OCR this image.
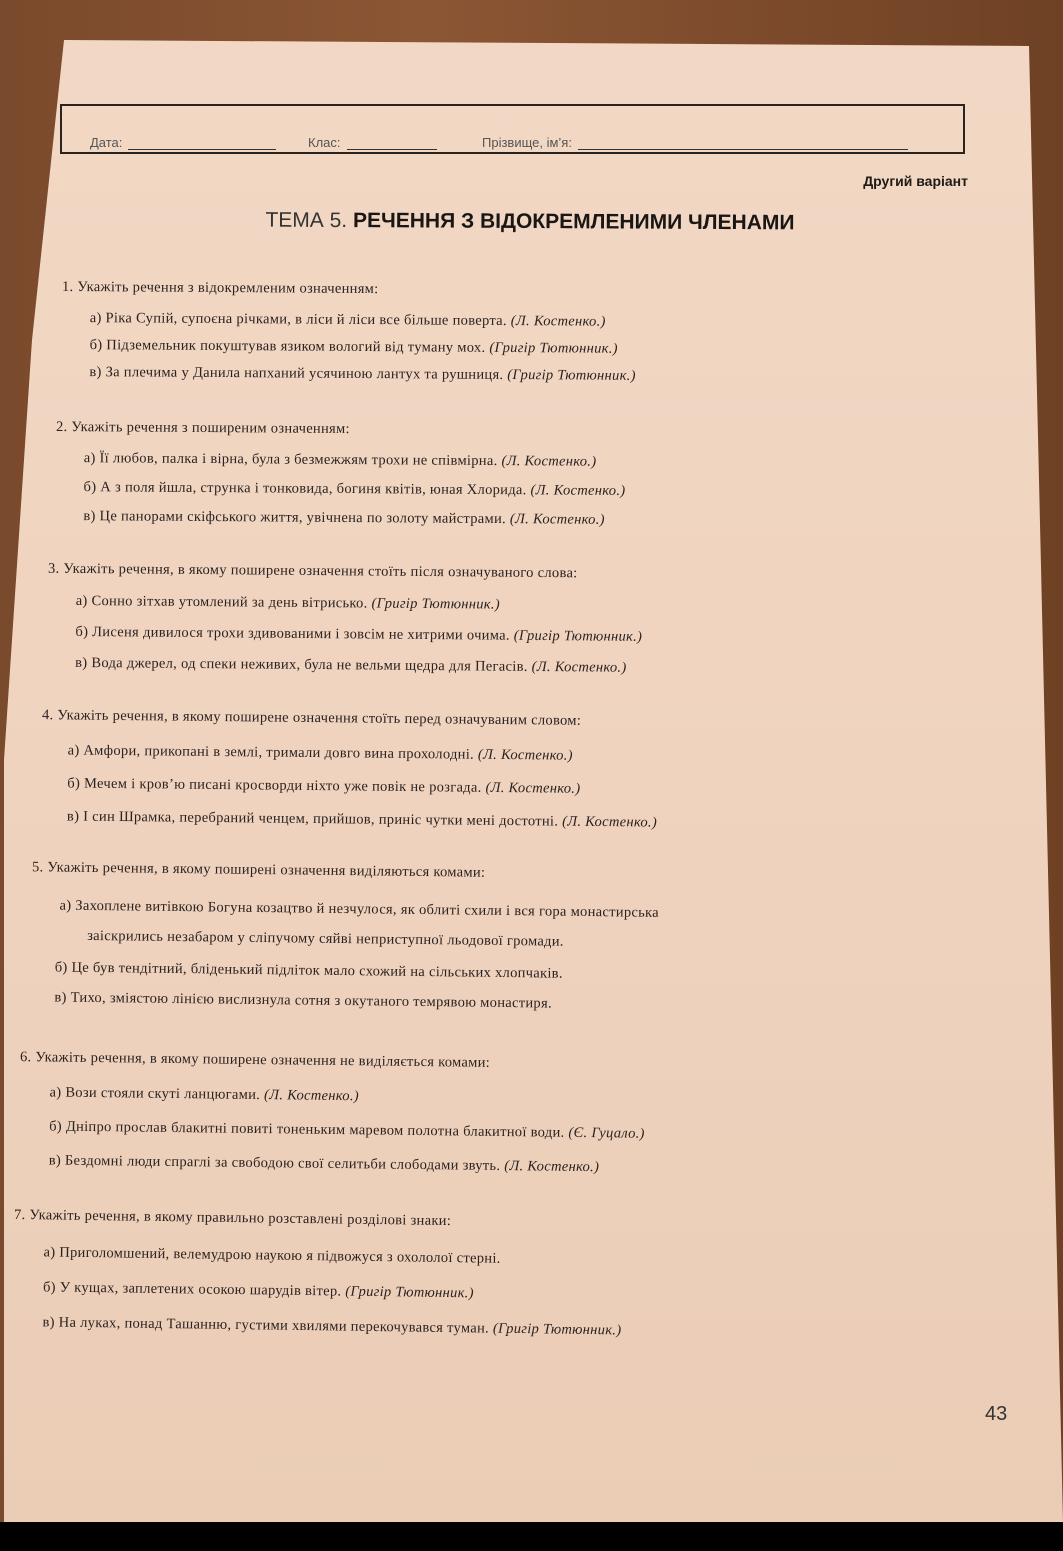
Дата:	Клас:	Прізвище, ім’я:
Другий варіант
ТЕМА 5. РЕЧЕННЯ З ВІДОКРЕМЛЕНИМИ ЧЛЕНАМИ
1. Укажіть речення з відокремленим означенням:
а) Ріка Супій, супоєна річками, в ліси й ліси все більше поверта. (Л. Костенко.)
б) Підземельник покуштував язиком вологий від туману мох. (Григір Тютюнник.)
в) За плечима у Данила напханий усячиною лантух та рушниця. (Григір Тютюнник.)
2. Укажіть речення з поширеним означенням:
а) Її любов, палка і вірна, була з безмежжям трохи не співмірна. (Л. Костенко.)
б) А з поля йшла, струнка і тонковида, богиня квітів, юная Хлорида. (Л. Костенко.)
в) Це панорами скіфського життя, увічнена по золоту майстрами. (Л. Костенко.)
3. Укажіть речення, в якому поширене означення стоїть після означуваного слова:
а) Сонно зітхав утомлений за день вітрисько. (Григір Тютюнник.)
б) Лисеня дивилося трохи здивованими і зовсім не хитрими очима. (Григір Тютюнник.)
в) Вода джерел, од спеки неживих, була не вельми щедра для Пегасів. (Л. Костенко.)
4. Укажіть речення, в якому поширене означення стоїть перед означуваним словом:
а) Амфори, прикопані в землі, тримали довго вина прохолодні. (Л. Костенко.)
б) Мечем і кров’ю писані кросворди ніхто уже повік не розгада. (Л. Костенко.)
в) І син Шрамка, перебраний ченцем, прийшов, приніс чутки мені достотні. (Л. Костенко.)
5. Укажіть речення, в якому поширені означення виділяються комами:
а) Захоплене витівкою Богуна козацтво й незчулося, як облиті схили і вся гора монастирська
заіскрились незабаром у сліпучому сяйві неприступної льодової громади.
б) Це був тендітний, бліденький підліток мало схожий на сільських хлопчаків.
в) Тихо, зміястою лінією вислизнула сотня з окутаного темрявою монастиря.
6. Укажіть речення, в якому поширене означення не виділяється комами:
а) Вози стояли скуті ланцюгами. (Л. Костенко.)
б) Дніпро прослав блакитні повиті тоненьким маревом полотна блакитної води. (Є. Гуцало.)
в) Бездомні люди спраглі за свободою свої селитьби слободами звуть. (Л. Костенко.)
7. Укажіть речення, в якому правильно розставлені розділові знаки:
а) Приголомшений, велемудрою наукою я підвожуся з охололої стерні.
б) У кущах, заплетених осокою шарудів вітер. (Григір Тютюнник.)
в) На луках, понад Ташанню, густими хвилями перекочувався туман. (Григір Тютюнник.)
43
